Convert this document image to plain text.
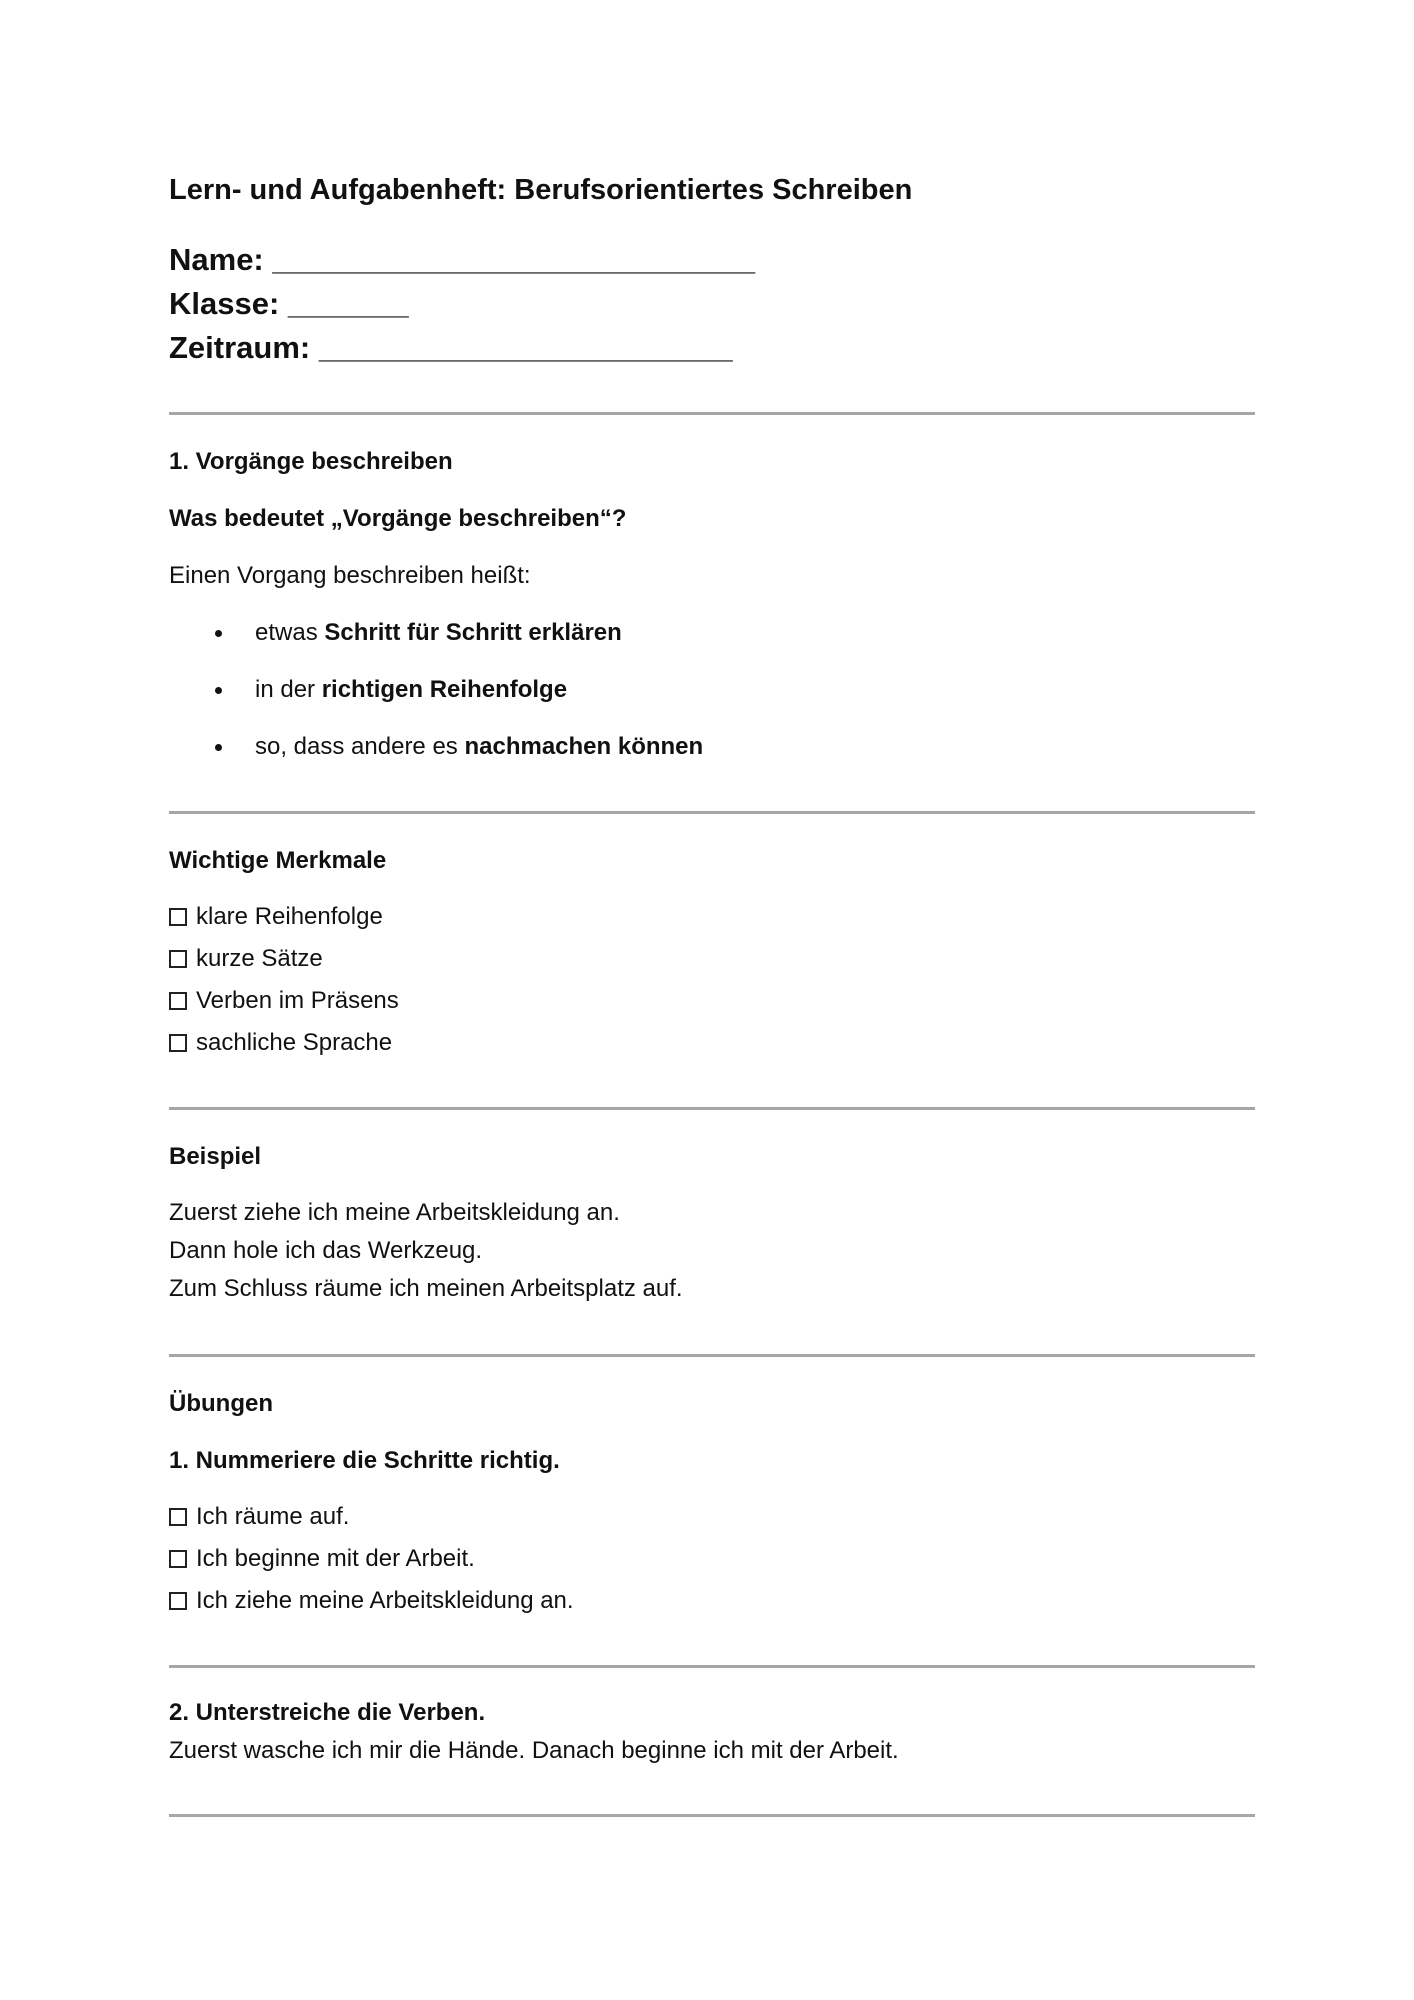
Lern- und Aufgabenheft: Berufsorientiertes Schreiben
Name: ____________________________
Klasse: _______
Zeitraum: ________________________

1. Vorgänge beschreiben

Was bedeutet „Vorgänge beschreiben“?

Einen Vorgang beschreiben heißt:

etwas Schritt für Schritt erklären
in der richtigen Reihenfolge
so, dass andere es nachmachen können

Wichtige Merkmale

klare Reihenfolge
kurze Sätze
Verben im Präsens
sachliche Sprache

Beispiel

Zuerst ziehe ich meine Arbeitskleidung an.

Dann hole ich das Werkzeug.

Zum Schluss räume ich meinen Arbeitsplatz auf.

Übungen

1. Nummeriere die Schritte richtig.

Ich räume auf.
Ich beginne mit der Arbeit.
Ich ziehe meine Arbeitskleidung an.

2. Unterstreiche die Verben.

Zuerst wasche ich mir die Hände. Danach beginne ich mit der Arbeit.
